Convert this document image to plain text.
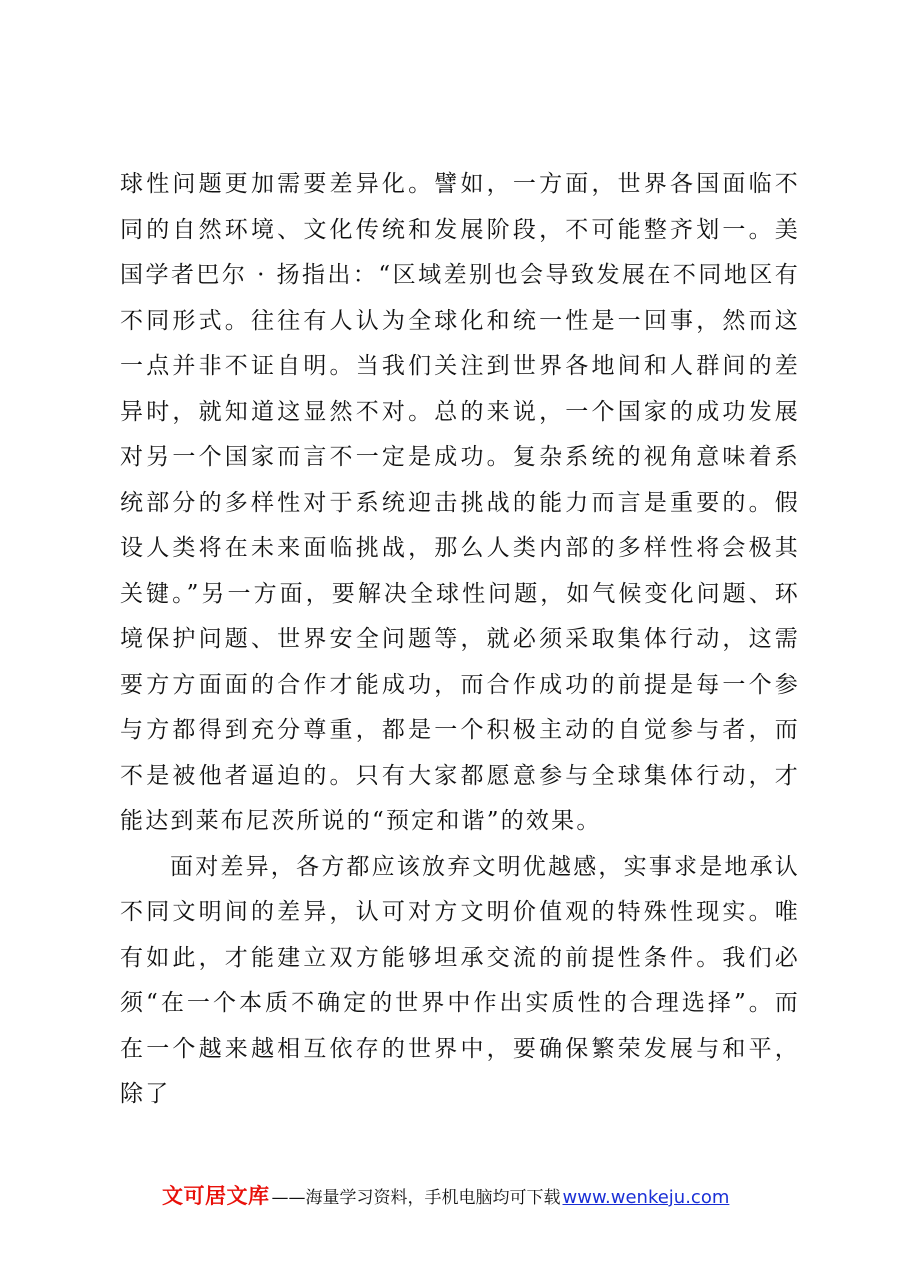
球性问题更加需要差异化。譬如，一方面，世界各国面临不同的自然环境、文化传统和发展阶段，不可能整齐划一。美国学者巴尔 · 扬指出：“区域差别也会导致发展在不同地区有不同形式。往往有人认为全球化和统一性是一回事，然而这一点并非不证自明。当我们关注到世界各地间和人群间的差异时，就知道这显然不对。总的来说，一个国家的成功发展对另一个国家而言不一定是成功。复杂系统的视角意味着系统部分的多样性对于系统迎击挑战的能力而言是重要的。假设人类将在未来面临挑战，那么人类内部的多样性将会极其关键。”另一方面，要解决全球性问题，如气候变化问题、环境保护问题、世界安全问题等，就必须采取集体行动，这需要方方面面的合作才能成功，而合作成功的前提是每一个参与方都得到充分尊重，都是一个积极主动的自觉参与者，而不是被他者逼迫的。只有大家都愿意参与全球集体行动，才能达到莱布尼茨所说的“预定和谐”的效果。

面对差异，各方都应该放弃文明优越感，实事求是地承认不同文明间的差异，认可对方文明价值观的特殊性现实。唯有如此，才能建立双方能够坦承交流的前提性条件。我们必须“在一个本质不确定的世界中作出实质性的合理选择”。而在一个越来越相互依存的世界中，要确保繁荣发展与和平，除了

文可居文库 —— 海量学习资料，手机电脑均可下载 www.wenkeju.com
